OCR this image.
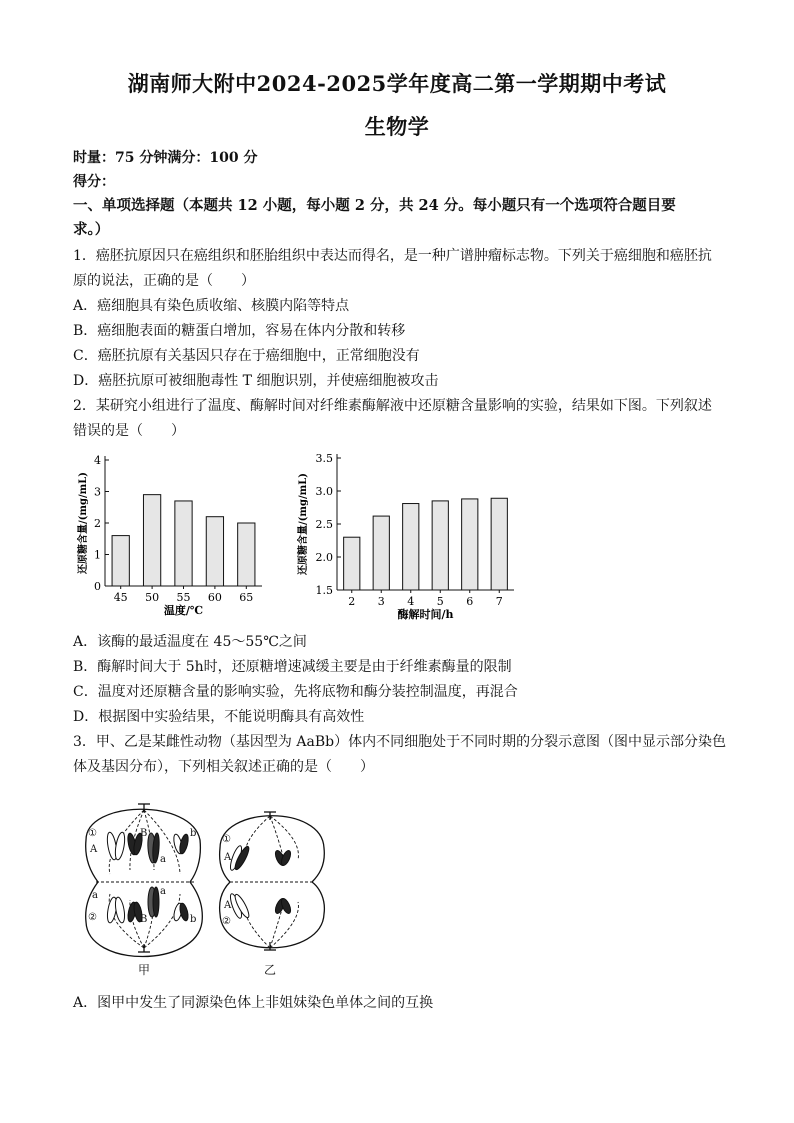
湖南师大附中2024-2025学年度高二第一学期期中考试
生物学
时量：75 分钟满分：100 分
得分：
一、单项选择题（本题共 12 小题，每小题 2 分，共 24 分。每小题只有一个选项符合题目要
求。）
1．癌胚抗原因只在癌组织和胚胎组织中表达而得名，是一种广谱肿瘤标志物。下列关于癌细胞和癌胚抗
原的说法，正确的是（　　）
A．癌细胞具有染色质收缩、核膜内陷等特点
B．癌细胞表面的糖蛋白增加，容易在体内分散和转移
C．癌胚抗原有关基因只存在于癌细胞中，正常细胞没有
D．癌胚抗原可被细胞毒性 T 细胞识别，并使癌细胞被攻击
2．某研究小组进行了温度、酶解时间对纤维素酶解液中还原糖含量影响的实验，结果如下图。下列叙述
错误的是（　　）
0
1
2
3
4
45 50 55 60 65
温度/℃
还原糖含量/(mg/mL)
1.5
2.0
2.5
3.0
3.5
2 3 4 5 6 7
酶解时间/h
还原糖含量/(mg/mL)
A．该酶的最适温度在 45～55℃之间
B．酶解时间大于 5h时，还原糖增速减缓主要是由于纤维素酶量的限制
C．温度对还原糖含量的影响实验，先将底物和酶分装控制温度，再混合
D．根据图中实验结果，不能说明酶具有高效性
3．甲、乙是某雌性动物（基因型为 AaBb）体内不同细胞处于不同时期的分裂示意图（图中显示部分染色
体及基因分布），下列相关叙述正确的是（　　）
①
②
A
a
B
a
a
B
b
b
①
②
A
A
甲	乙
A．图甲中发生了同源染色体上非姐妹染色单体之间的互换
